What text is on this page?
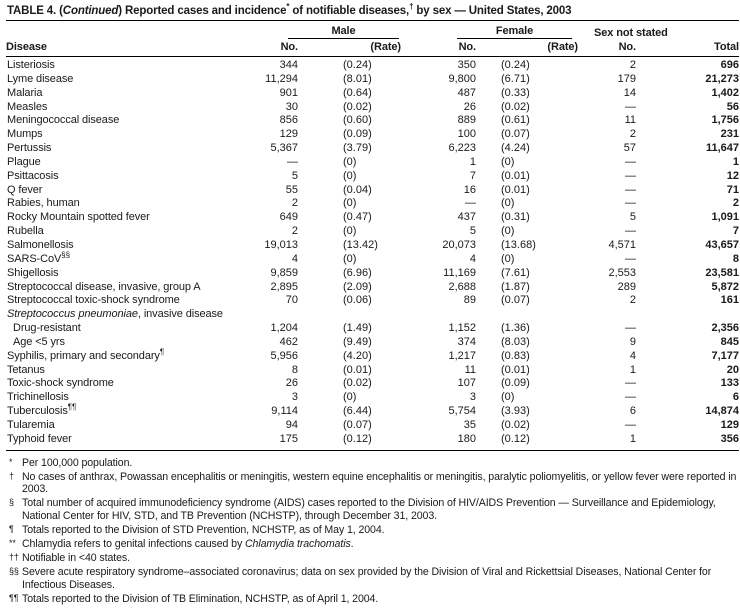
TABLE 4. (Continued) Reported cases and incidence* of notifiable diseases,† by sex — United States, 2003

	Male		Female		Sex not stated	
Disease	No.	(Rate)	No.	(Rate)	No.	Total
Listeriosis	344	(0.24)	350	(0.24)	2	696
Lyme disease	11,294	(8.01)	9,800	(6.71)	179	21,273
Malaria	901	(0.64)	487	(0.33)	14	1,402
Measles	30	(0.02)	26	(0.02)	—	56
Meningococcal disease	856	(0.60)	889	(0.61)	11	1,756
Mumps	129	(0.09)	100	(0.07)	2	231
Pertussis	5,367	(3.79)	6,223	(4.24)	57	11,647
Plague	—	(0)	1	(0)	—	1
Psittacosis	5	(0)	7	(0.01)	—	12
Q fever	55	(0.04)	16	(0.01)	—	71
Rabies, human	2	(0)	—	(0)	—	2
Rocky Mountain spotted fever	649	(0.47)	437	(0.31)	5	1,091
Rubella	2	(0)	5	(0)	—	7
Salmonellosis	19,013	(13.42)	20,073	(13.68)	4,571	43,657
SARS-CoV§§	4	(0)	4	(0)	—	8
Shigellosis	9,859	(6.96)	11,169	(7.61)	2,553	23,581
Streptococcal disease, invasive, group A	2,895	(2.09)	2,688	(1.87)	289	5,872
Streptococcal toxic-shock syndrome	70	(0.06)	89	(0.07)	2	161
Streptococcus pneumoniae, invasive disease						
Drug-resistant	1,204	(1.49)	1,152	(1.36)	—	2,356
Age <5 yrs	462	(9.49)	374	(8.03)	9	845
Syphilis, primary and secondary¶	5,956	(4.20)	1,217	(0.83)	4	7,177
Tetanus	8	(0.01)	11	(0.01)	1	20
Toxic-shock syndrome	26	(0.02)	107	(0.09)	—	133
Trichinellosis	3	(0)	3	(0)	—	6
Tuberculosis¶¶	9,114	(6.44)	5,754	(3.93)	6	14,874
Tularemia	94	(0.07)	35	(0.02)	—	129
Typhoid fever	175	(0.12)	180	(0.12)	1	356
* Per 100,000 population.
† No cases of anthrax, Powassan encephalitis or meningitis, western equine encephalitis or meningitis, paralytic poliomyelitis, or yellow fever were reported in 2003.
§ Total number of acquired immunodeficiency syndrome (AIDS) cases reported to the Division of HIV/AIDS Prevention — Surveillance and Epidemiology, National Center for HIV, STD, and TB Prevention (NCHSTP), through December 31, 2003.
¶ Totals reported to the Division of STD Prevention, NCHSTP, as of May 1, 2004.
** Chlamydia refers to genital infections caused by Chlamydia trachomatis.
†† Notifiable in <40 states.
§§ Severe acute respiratory syndrome–associated coronavirus; data on sex provided by the Division of Viral and Rickettsial Diseases, National Center for Infectious Diseases.
¶¶ Totals reported to the Division of TB Elimination, NCHSTP, as of April 1, 2004.
